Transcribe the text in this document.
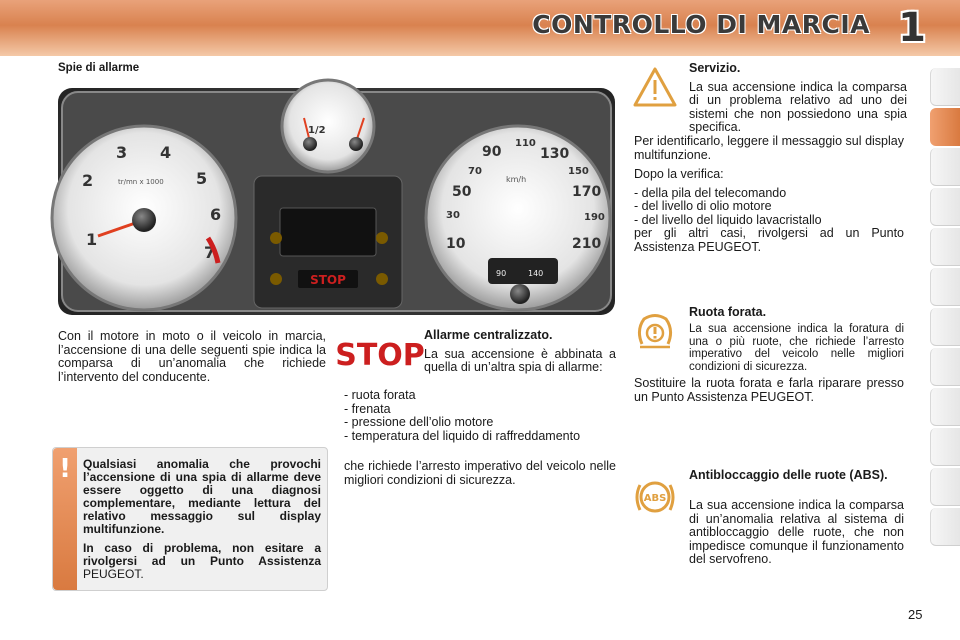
CONTROLLO DI MARCIA 1
Spie di allarme
STOP
1
2
3 4
5
6
7
tr/mn x 1000
10
30
50
70
90
110
130
150
170
190
210
km/h
90	140
1/2

Con il motore in moto o il veicolo in marcia, l’accensione di una delle seguenti spie indica la comparsa di un’anomalia che richiede l’intervento del conducente.

STOP

Allarme centralizzato.

La sua accensione è abbinata a quella di un’altra spia di allarme:

- ruota forata
- frenata
- pressione dell’olio motore
- temperatura del liquido di raffreddamento

che richiede l’arresto imperativo del veicolo nelle migliori condizioni di sicurezza.

!	Qualsiasi anomalia che provochi l’accensione di una spia di allarme deve essere oggetto di una diagnosi complementare, mediante lettura del relativo messaggio sul display multifunzione.

In caso di problema, non esitare a rivolgersi ad un Punto Assistenza PEUGEOT.

Servizio.

La sua accensione indica la comparsa di un problema relativo ad uno dei sistemi che non possiedono una spia specifica.

Per identificarlo, leggere il messaggio sul display multifunzione.

Dopo la verifica:

- della pila del telecomando
- del livello di olio motore
- del livello del liquido lavacristallo

per gli altri casi, rivolgersi ad un Punto Assistenza PEUGEOT.

Ruota forata.

La sua accensione indica la foratura di una o più ruote, che richiede l’arresto imperativo del veicolo nelle migliori condizioni di sicurezza.

Sostituire la ruota forata e farla riparare presso un Punto Assistenza PEUGEOT.

ABS

Antibloccaggio delle ruote (ABS).

La sua accensione indica la comparsa di un’anomalia relativa al sistema di antibloccaggio delle ruote, che non impedisce comunque il funzionamento del servofreno.

25
